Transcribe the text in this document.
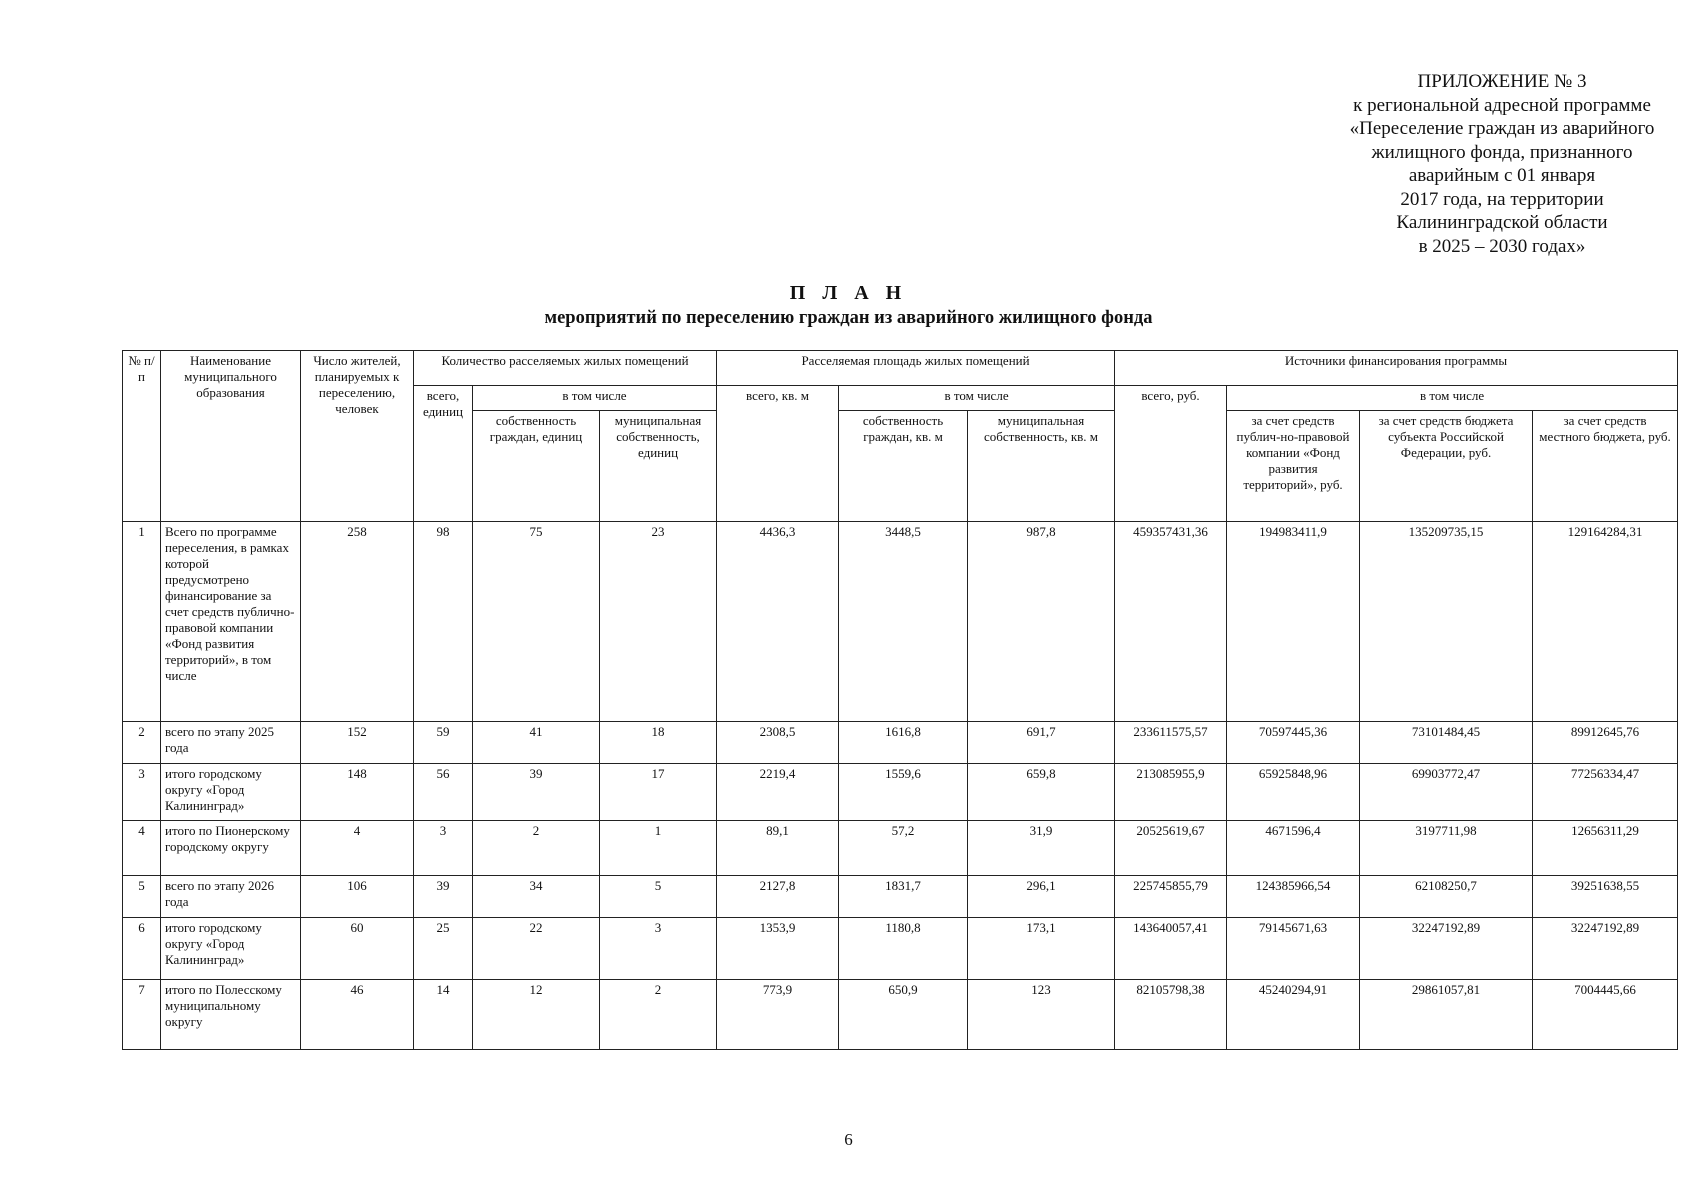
ПРИЛОЖЕНИЕ № 3
к региональной адресной программе
«Переселение граждан из аварийного
жилищного фонда, признанного
аварийным с 01 января
2017 года, на территории
Калининградской области
в 2025 – 2030 годах»
П Л А Н
мероприятий по переселению граждан из аварийного жилищного фонда
№ п/п	Наименование муниципального образования	Число жителей, планируемых к переселению, человек	Количество расселяемых жилых помещений			Расселяемая площадь жилых помещений			Источники финансирования программы			
			всего, единиц	в том числе		всего, кв. м	в том числе		всего, руб.	в том числе		
				собственность граждан, единиц	муниципальная собственность, единиц		собственность граждан, кв. м	муниципальная собственность, кв. м		за счет средств публич-но-правовой компании «Фонд развития территорий», руб.	за счет средств бюджета субъекта Российской Федерации, руб.	за счет средств местного бюджета, руб.
1	Всего по программе переселения, в рамках которой предусмотрено финансирование за счет средств публично-правовой компании «Фонд развития территорий», в том числе	258	98	75	23	4436,3	3448,5	987,8	459357431,36	194983411,9	135209735,15	129164284,31
2	всего по этапу 2025 года	152	59	41	18	2308,5	1616,8	691,7	233611575,57	70597445,36	73101484,45	89912645,76
3	итого городскому округу «Город Калининград»	148	56	39	17	2219,4	1559,6	659,8	213085955,9	65925848,96	69903772,47	77256334,47
4	итого по Пионерскому городскому округу	4	3	2	1	89,1	57,2	31,9	20525619,67	4671596,4	3197711,98	12656311,29
5	всего по этапу 2026 года	106	39	34	5	2127,8	1831,7	296,1	225745855,79	124385966,54	62108250,7	39251638,55
6	итого городскому округу «Город Калининград»	60	25	22	3	1353,9	1180,8	173,1	143640057,41	79145671,63	32247192,89	32247192,89
7	итого по Полесскому муниципальному округу	46	14	12	2	773,9	650,9	123	82105798,38	45240294,91	29861057,81	7004445,66
6
